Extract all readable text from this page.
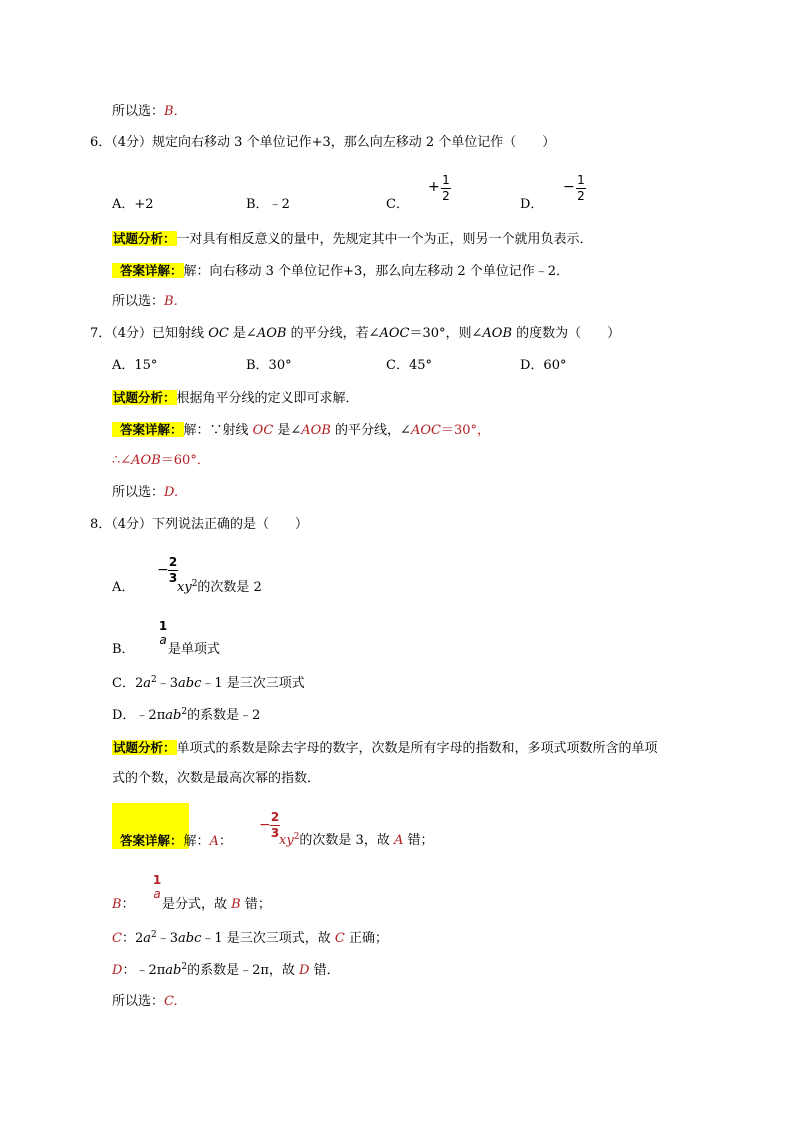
所以选：B.
6．（4分）规定向右移动 3 个单位记作+3，那么向左移动 2 个单位记作（　　）
A．+2	B．﹣2	C．
+ 1
2
D．
− 1
2
试题分析：一对具有相反意义的量中，先规定其中一个为正，则另一个就用负表示．
答案详解：解：向右移动 3 个单位记作+3，那么向左移动 2 个单位记作﹣2．
所以选：B.
7．（4分）已知射线 OC 是∠AOB 的平分线，若∠AOC＝30°，则∠AOB 的度数为（　　）
A．15°	B．30°	C．45°	D．60°
试题分析：根据角平分线的定义即可求解．
答案详解：解：∵射线 OC 是∠AOB 的平分线，∠AOC＝30°，
∴∠AOB＝60°．
所以选：D.
8．（4分）下列说法正确的是（　　）
A．
− 2
3
$xy^2$的次数是 2
B．
1
a
是单项式
C．$2a^2﹣3abc﹣1$ 是三次三项式
D．﹣2πab$^2$的系数是﹣2
试题分析：单项式的系数是除去字母的数字，次数是所有字母的指数和，多项式项数所含的单项
式的个数，次数是最高次幂的指数．
答案详解：解：A：
− 2
3 $xy^2$的次数是 3，故 A 错；
B：
1
a
是分式，故 B 错；
C：$2a^2﹣3abc﹣1$ 是三次三项式，故 C 正确；
D：﹣2πab$^2$的系数是﹣2π，故 D 错．
所以选：C.
